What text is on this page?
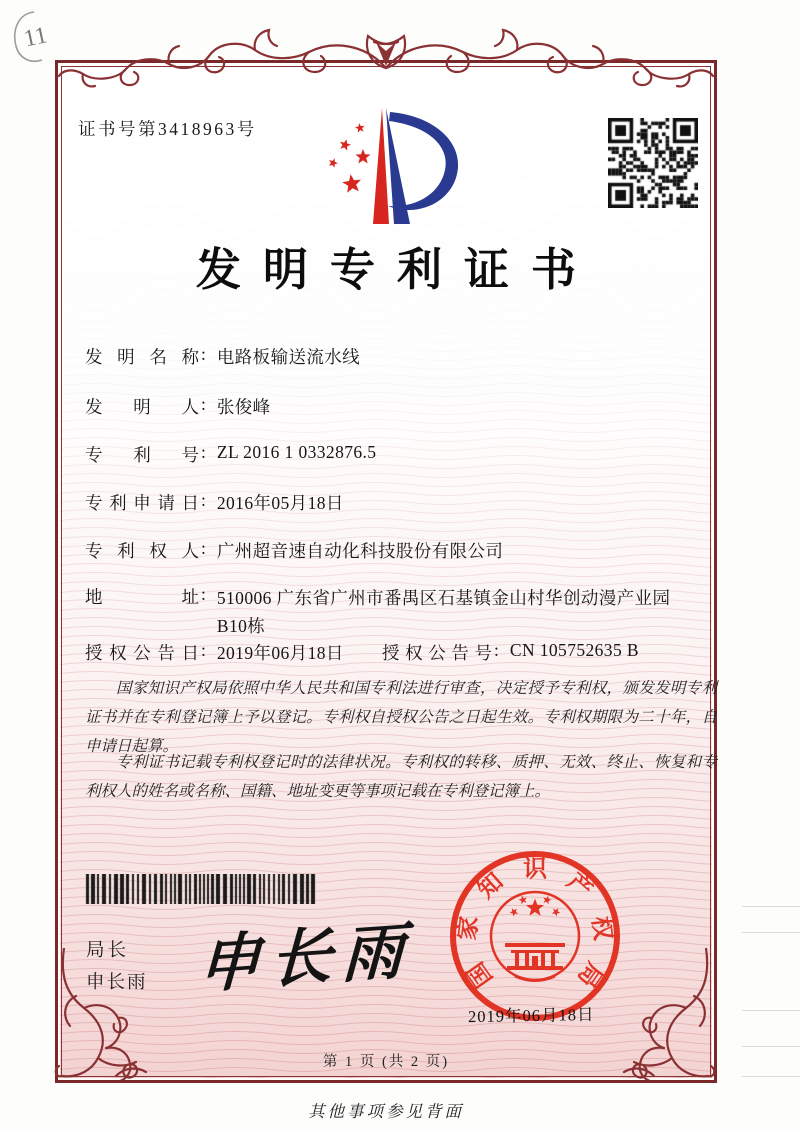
11
证书号第3418963号
发明专利证书
发 明 名 称 : 电路板输送流水线
发 明 人 : 张俊峰
专 利 号 : ZL 2016 1 0332876.5
专 利 申 请 日 : 2016年05月18日
专 利 权 人 : 广州超音速自动化科技股份有限公司
地	址 : 510006 广东省广州市番禺区石基镇金山村华创动漫产业园B10栋
授 权 公 告 日 : 2019年06月18日 授 权 公 告 号 : CN 105752635 B
国家知识产权局依照中华人民共和国专利法进行审查，决定授予专利权，颁发发明专利证书并在专利登记簿上予以登记。专利权自授权公告之日起生效。专利权期限为二十年，自申请日起算。
专利证书记载专利权登记时的法律状况。专利权的转移、质押、无效、终止、恢复和专利权人的姓名或名称、国籍、地址变更等事项记载在专利登记簿上。
局长
申长雨 申长雨 国
家
知 识 产
权
局
2019年06月18日
第 1 页 (共 2 页)
其他事项参见背面
